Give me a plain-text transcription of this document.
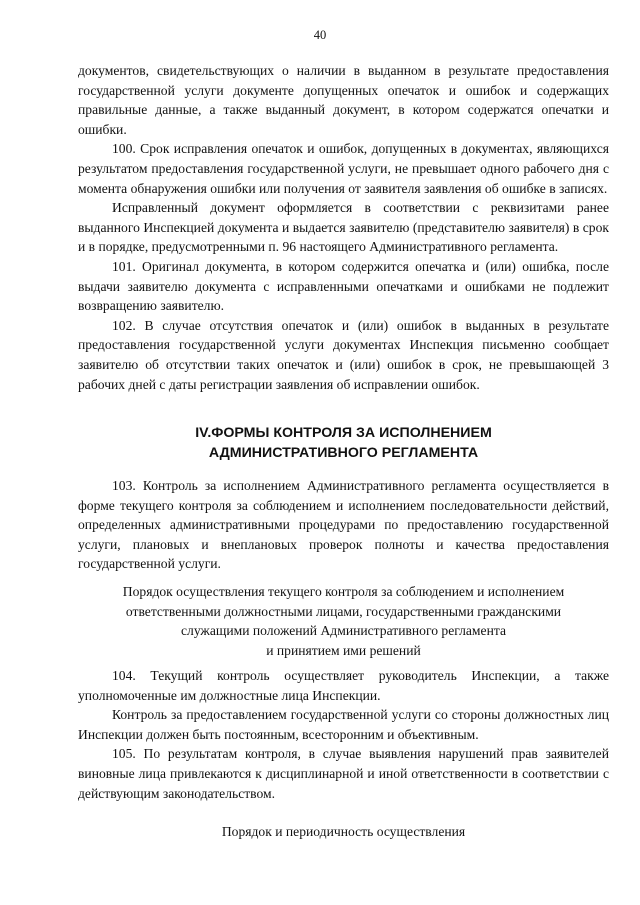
40

документов, свидетельствующих о наличии в выданном в результате предоставления государственной услуги документе допущенных опечаток и ошибок и содержащих правильные данные, а также выданный документ, в котором содержатся опечатки и ошибки.

100. Срок исправления опечаток и ошибок, допущенных в документах, являющихся результатом предоставления государственной услуги, не превышает одного рабочего дня с момента обнаружения ошибки или получения от заявителя заявления об ошибке в записях.

Исправленный документ оформляется в соответствии с реквизитами ранее выданного Инспекцией документа и выдается заявителю (представителю заявителя) в срок и в порядке, предусмотренными п. 96 настоящего Административного регламента.

101. Оригинал документа, в котором содержится опечатка и (или) ошибка, после выдачи заявителю документа с исправленными опечатками и ошибками не подлежит возвращению заявителю.

102. В случае отсутствия опечаток и (или) ошибок в выданных в результате предоставления государственной услуги документах Инспекция письменно сообщает заявителю об отсутствии таких опечаток и (или) ошибок в срок, не превышающей 3 рабочих дней с даты регистрации заявления об исправлении ошибок.

IV.ФОРМЫ КОНТРОЛЯ ЗА ИСПОЛНЕНИЕМ
АДМИНИСТРАТИВНОГО РЕГЛАМЕНТА

103. Контроль за исполнением Административного регламента осуществляется в форме текущего контроля за соблюдением и исполнением последовательности действий, определенных административными процедурами по предоставлению государственной услуги, плановых и внеплановых проверок полноты и качества предоставления государственной услуги.

Порядок осуществления текущего контроля за соблюдением и исполнением
ответственными должностными лицами, государственными гражданскими
служащими положений Административного регламента
и принятием ими решений

104. Текущий контроль осуществляет руководитель Инспекции, а также уполномоченные им должностные лица Инспекции.

Контроль за предоставлением государственной услуги со стороны должностных лиц Инспекции должен быть постоянным, всесторонним и объективным.

105. По результатам контроля, в случае выявления нарушений прав заявителей виновные лица привлекаются к дисциплинарной и иной ответственности в соответствии с действующим законодательством.

Порядок и периодичность осуществления
